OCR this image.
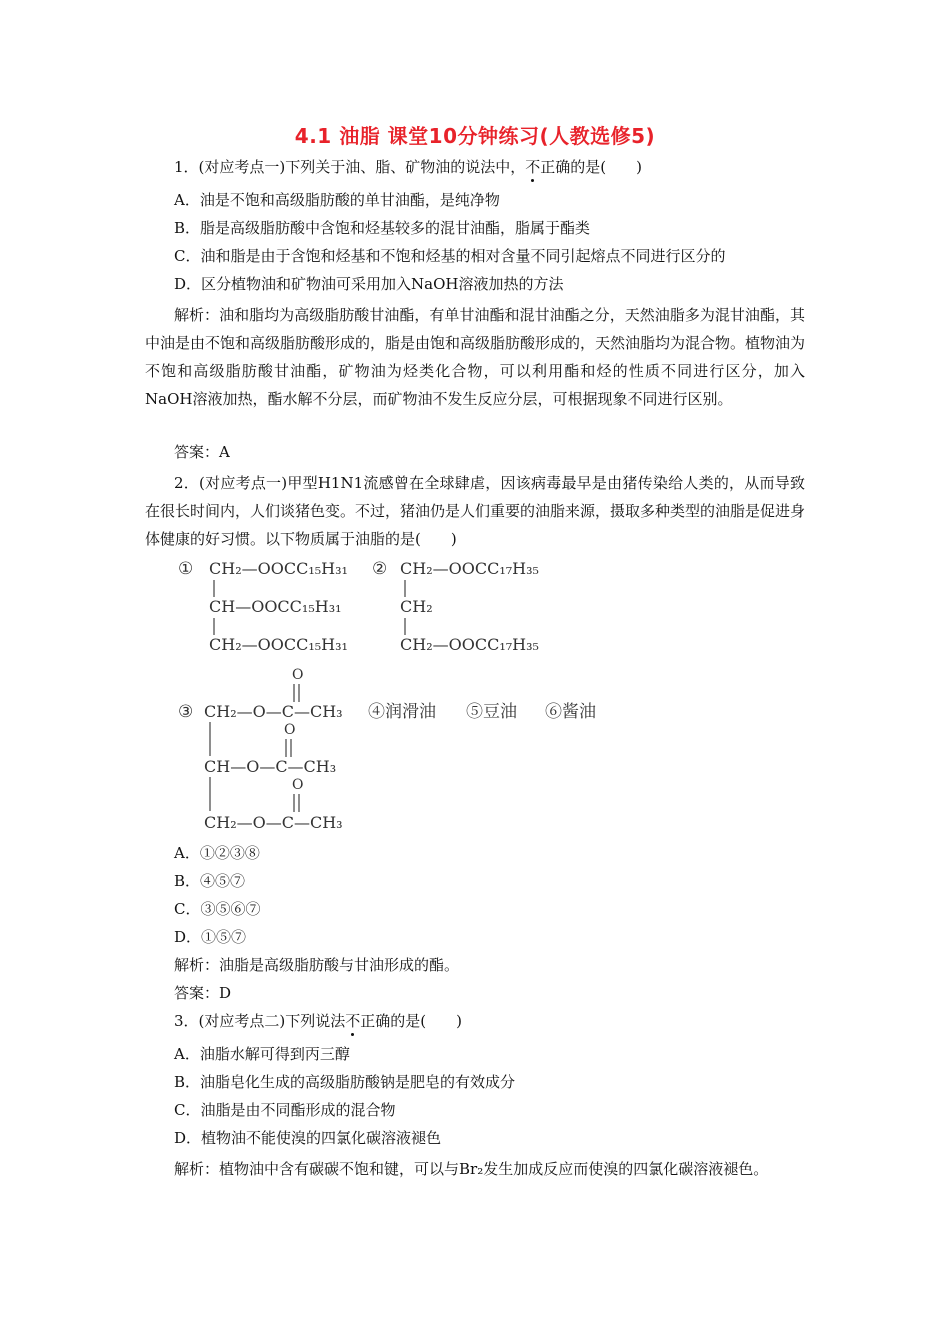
4.1 油脂 课堂10分钟练习(人教选修5)
1．(对应考点一)下列关于油、脂、矿物油的说法中，不正确的是(　　)
A．油是不饱和高级脂肪酸的单甘油酯，是纯净物
B．脂是高级脂肪酸中含饱和烃基较多的混甘油酯，脂属于酯类
C．油和脂是由于含饱和烃基和不饱和烃基的相对含量不同引起熔点不同进行区分的
D．区分植物油和矿物油可采用加入NaOH溶液加热的方法
解析：油和脂均为高级脂肪酸甘油酯，有单甘油酯和混甘油酯之分，天然油脂多为混甘油酯，其中油是由不饱和高级脂肪酸形成的，脂是由饱和高级脂肪酸形成的，天然油脂均为混合物。植物油为不饱和高级脂肪酸甘油酯，矿物油为烃类化合物，可以利用酯和烃的性质不同进行区分，加入NaOH溶液加热，酯水解不分层，而矿物油不发生反应分层，可根据现象不同进行区别。
答案：A
2．(对应考点一)甲型H1N1流感曾在全球肆虐，因该病毒最早是由猪传染给人类的，从而导致在很长时间内，人们谈猪色变。不过，猪油仍是人们重要的油脂来源，摄取多种类型的油脂是促进身体健康的好习惯。以下物质属于油脂的是(　　)
① CH₂—OOCC₁₅H₃₁
CH—OOCC₁₅H₃₁
CH₂—OOCC₁₅H₃₁
② CH₂—OOCC₁₇H₃₅
CH₂
CH₂—OOCC₁₇H₃₅
O
③ CH₂—O—C—CH₃ ④润滑油 ⑤豆油 ⑥酱油
O
CH—O—C—CH₃
O
CH₂—O—C—CH₃
A．①②③⑧
B．④⑤⑦
C．③⑤⑥⑦
D．①⑤⑦
解析：油脂是高级脂肪酸与甘油形成的酯。
答案：D
3．(对应考点二)下列说法不正确的是(　　)
A．油脂水解可得到丙三醇
B．油脂皂化生成的高级脂肪酸钠是肥皂的有效成分
C．油脂是由不同酯形成的混合物
D．植物油不能使溴的四氯化碳溶液褪色
解析：植物油中含有碳碳不饱和键，可以与Br₂发生加成反应而使溴的四氯化碳溶液褪色。
